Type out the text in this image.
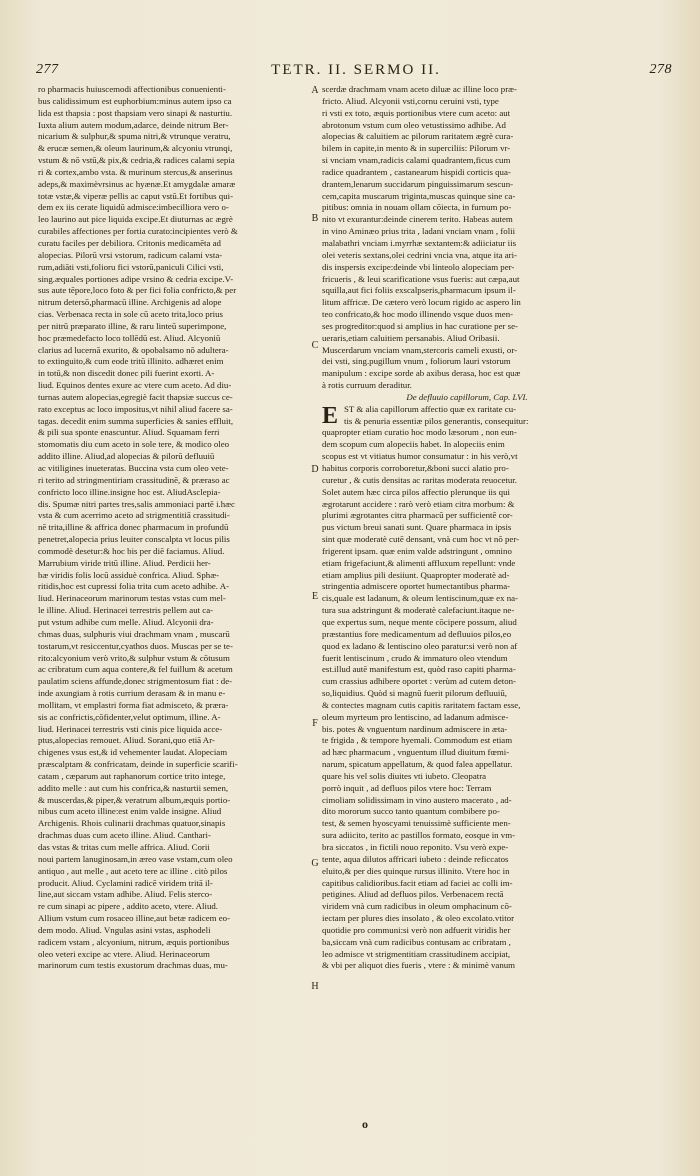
277	TETR. II. SERMO II.	278
ro pharmacis huiuscemodi affectionibus conuenienti-
bus calidissimum est euphorbium:minus autem ipso ca
lida est thapsia : post thapsiam vero sinapi & nasturtiu.
Iuxta alium autem modum,adarce, deinde nitrum Ber-
nicarium & sulphur,& spuma nitri,& vtrunque veratru,
& erucæ semen,& oleum laurinum,& alcyoniu vtrunqi,
vstum & nō vstū,& pix,& cedria,& radices calami sepia
ri & cortex,ambo vsta. & murinum stercus,& anserinus
adeps,& maximèvrsinus ac hyænæ.Et amygdalæ amaræ
totæ vstæ,& viperæ pellis ac caput vstū.Et fortibus qui-
dem ex iis cerate liquidū admisce:imbecilliora vero o-
leo laurino aut pice liquida excipe.Et diuturnas ac ægrè
curabiles affectiones per fortia curato:incipientes verò &
curatu faciles per debiliora. Critonis medicamēta ad
alopecias. Pilorū vrsi vstorum, radicum calami vsta-
rum,adiāti vsti,folioru fici vstorū,paniculi Cilici vsti,
sing.æquales portiones adipe vrsino & cedria excipe.V-
sus aute tēpore,loco foto & per fici folia confricto,& per
nitrum detersō,pharmacū illine. Archigenis ad alope
cias. Verbenaca recta in sole cū aceto trita,loco prius
per nitrū præparato illine, & raru linteū superimpone,
hoc præmedefacto loco tollēdū est. Aliud. Alcyoniū
clarius ad lucernā exurito, & opobalsamo nō adultera-
to extinguito,& cum eode tritū illinito. adhæret enim
in totū,& non discedit donec pili fuerint exorti. A-
liud. Equinos dentes exure ac vtere cum aceto. Ad diu-
turnas autem alopecias,egregiè facit thapsiæ succus ce-
rato exceptus ac loco impositus,vt nihil aliud facere sa-
tagas. decedit enim summa superficies & sanies effluit,
& pili sua sponte enascuntur. Aliud. Squamam ferri
stomomatis diu cum aceto in sole tere, & modico oleo
addito illine. Aliud,ad alopecias & pilorū defluuiū
ac vitiligines inueteratas. Buccina vsta cum oleo vete-
ri terito ad stringmentiriam crassitudinē, & præraso ac
confricto loco illine.insigne hoc est. AliudAsclepia-
dis. Spumæ nitri partes tres,salis ammoniaci partē i.hæc
vsta & cum acerrimo aceto ad strigmentitiā crassitudi-
nē trita,illine & affrica donec pharmacum in profundū
penetret,alopecia prius leuiter conscalpta vt locus pilis
commodè desetur:& hoc bis per diē faciamus. Aliud.
Marrubium viride tritū illine. Aliud. Perdicii her-
bæ viridis folis locū assiduè confrica. Aliud. Sphæ-
ritidis,hoc est cupressi folia trita cum aceto adhibe. A-
liud. Herinaceorum marinorum testas vstas cum mel-
le illine. Aliud. Herinacei terrestris pellem aut ca-
put vstum adhibe cum melle. Aliud. Alcyonii dra-
chmas duas, sulphuris viui drachmam vnam , muscarū
tostarum,vt resiccentur,cyathos duos. Muscas per se te-
rito:alcyonium verò vrito,& sulphur vstum & cōtusum
ac cribratum cum aqua contere,& fel fuillum & acetum
paulatim sciens affunde,donec strigmentosum fiat : de-
inde axungiam à rotis currium derasam & in manu e-
mollitam, vt emplastri forma fiat admisceto, & præra-
sis ac confrictis,cōfidenter,velut optimum, illine. A-
liud. Herinacei terrestris vsti cinis pice liquida acce-
ptus,alopecias remouet. Aliud. Sorani,quo etiā Ar-
chigenes vsus est,& id vehementer laudat. Alopeciam
præscalptam & confricatam, deinde in superficie scarifi-
catam , cæparum aut raphanorum cortice trito intege,
addito melle : aut cum his confrica,& nasturtii semen,
& muscerdas,& piper,& veratrum album,æquis portio-
nibus cum aceto illine:est enim valde insigne. Aliud
Archigenis. Rhois culinarii drachmas quatuor,sinapis
drachmas duas cum aceto illine. Aliud. Canthari-
das vstas & tritas cum melle affrica. Aliud. Corii
noui partem lanuginosam,in æreo vase vstam,cum oleo
antiquo , aut melle , aut aceto tere ac illine . citò pilos
producit. Aliud. Cyclamini radicē viridem tritā il-
line,aut siccam vstam adhibe. Aliud. Felis sterco-
re cum sinapi ac pipere , addito aceto, vtere. Aliud.
Allium vstum cum rosaceo illine,aut betæ radicem eo-
dem modo. Aliud. Vngulas asini vstas, asphodeli
radicem vstam , alcyonium, nitrum, æquis portionibus
oleo veteri excipe ac vtere. Aliud. Herinaceorum
marinorum cum testis exustorum drachmas duas, mu-
scerdæ drachmam vnam aceto diluæ ac illine loco præ-
fricto. Aliud. Alcyonii vsti,cornu ceruini vsti, type
ri vsti ex toto, æquis portionibus vtere cum aceto: aut
abrotonum vstum cum oleo vetustissimo adhibe. Ad
alopecias & caluitiem ac pilorum raritatem ægrè cura-
bilem in capite,in mento & in superciliis: Pilorum vr-
si vnciam vnam,radicis calami quadrantem,ficus cum
radice quadrantem , castanearum hispidi corticis qua-
drantem,lenarum succidarum pinguissimarum sescun-
cem,capita muscarum triginta,muscas quinque sine ca-
pitibus: omnia in nouam ollam cōiecta, in furnum po-
nito vt exurantur:deinde cinerem terito. Habeas autem
in vino Aminæo prius trita , ladani vnciam vnam , folii
malabathri vnciam i.myrrhæ sextantem:& adiiciatur iis
olei veteris sextans,olei cedrini vncia vna, atque ita ari-
dis inspersis excipe:deinde vbi linteolo alopeciam per-
fricueris , & leui scarificatione vsus fueris: aut cæpa,aut
squilla,aut fici foliis exscalpseris,pharmacum ipsum il-
litum affricæ. De cætero verò locum rigido ac aspero lin
teo confricato,& hoc modo illinendo vsque duos men-
ses progreditor:quod si amplius in hac curatione per se-
ueraris,etiam caluitiem persanabis. Aliud Oribasii.
Muscerdarum vnciam vnam,stercoris cameli exusti, or-
dei vsti, sing.pugillum vnum , foliorum lauri vstorum
manipulum : excipe sorde ab axibus derasa, hoc est quæ
à rotis curruum deraditur.
De defluuio capillorum, Cap. LVI.
E ST & alia capillorum affectio quæ ex raritate cu-
tis & penuria essentiæ pilos generantis, consequitur:
quapropter etiam curatio hoc modo læsorum , non eun-
dem scopum cum alopeciis habet. In alopeciis enim
scopus est vt vitiatus humor consumatur : in his verò,vt
habitus corporis corroboretur,&boni succi alatio pro-
curetur , & cutis densitas ac raritas moderata reuocetur.
Solet autem hæc circa pilos affectio plerunque iis qui
ægrotarunt accidere : rarò verò etiam citra morbum: &
plurimi ægrotantes citra pharmacū per sufficientē cor-
pus victum breui sanati sunt. Quare pharmaca in ipsis
sint quæ moderatè cutē densant, vnà cum hoc vt nō per-
frigerent ipsam. quæ enim valde adstringunt , omnino
etiam frigefaciunt,& alimenti affluxum repellunt: vnde
etiam amplius pili desiiunt. Quapropter moderatè ad-
stringentia admiscere oportet humectantibus pharma-
cis,quale est ladanum, & oleum lentiscinum,quæ ex na-
tura sua adstringunt & moderatè calefaciunt.itaque ne-
que expertus sum, neque mente cōcipere possum, aliud
præstantius fore medicamentum ad defluuios pilos,eo
quod ex ladano & lentiscino oleo paratur:si verò non af
fuerit lentiscinum , crudo & immaturo oleo vtendum
est.illud autē manifestum est, quòd raso capiti pharma-
cum crassius adhibere oportet : verùm ad cutem deton-
so,liquidius. Quòd si magnū fuerit pilorum defluuiū,
& contectes magnam cutis capitis raritatem factam esse,
oleum myrteum pro lentiscino, ad ladanum admisce-
bis. potes & vnguentum nardinum admiscere in æta-
te frigida , & tempore hyemali. Commodum est etiam
ad hæc pharmacum , vnguentum illud diuitum fœmi-
narum, spicatum appellatum, & quod falea appellatur.
quare his vel solis diuites vti iubeto. Cleopatra
porrò inquit , ad defluos pilos vtere hoc: Terram
cimoliam solidissimam in vino austero macerato , ad-
dito mororum succo tanto quantum combibere po-
test, & semen hyoscyami tenuissimè sufficiente men-
sura adiicito, terito ac pastillos formato, eosque in vm-
bra siccatos , in fictili nouo reponito. Vsu verò expe-
tente, aqua dilutos affricari iubeto : deinde reficcatos
eluito,& per dies quinque rursus illinito. Vtere hoc in
capitibus calidioribus.facit etiam ad faciei ac colli im-
petigines. Aliud ad defluos pilos. Verbenacem rectā
viridem vnà cum radicibus in oleum omphacinum cō-
iectam per plures dies insolato , & oleo excolato.vtitor
quotidie pro communi:si verò non adfuerit viridis her
ba,siccam vnà cum radicibus contusam ac cribratam ,
leo admisce vt strigmentitiam crassitudinem accipiat,
& vbi per aliquot dies fueris , vtere : & minimè vanum
A
B
C
D
E
F
G
H
o
